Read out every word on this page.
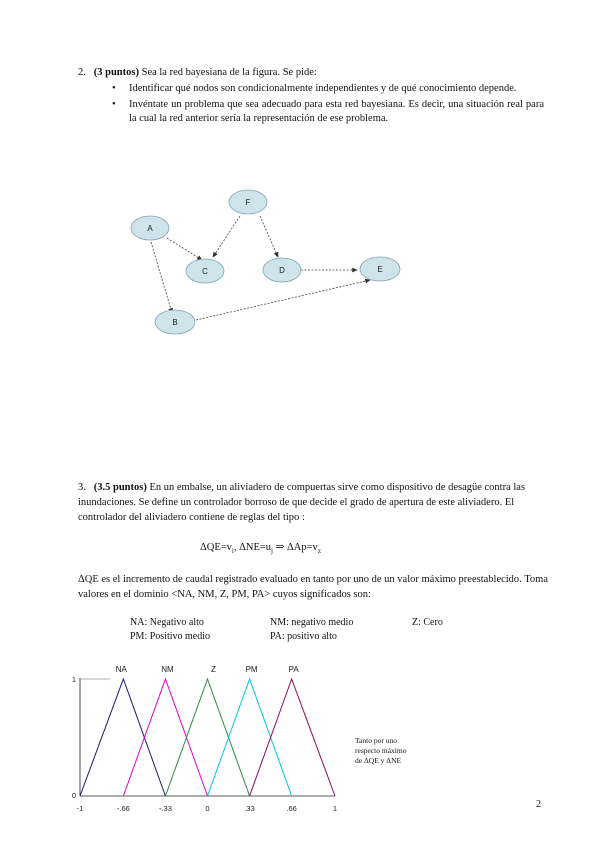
2. (3 puntos) Sea la red bayesiana de la figura. Se pide:
• Identificar qué nodos son condicionalmente independientes y de qué conocimiento depende.
• Invéntate un problema que sea adecuado para esta red bayesiana. Es decir, una situación real para la cual la red anterior sería la representación de ese problema.
A
F
C	D	E
B
3. (3.5 puntos) En un embalse, un aliviadero de compuertas sirve como dispositivo de desagüe contra las inundaciones. Se define un controlador borroso de que decide el grado de apertura de este aliviadero. El controlador del aliviadero contiene de reglas del tipo :
$\Delta QE=v_i$, $\Delta NE=u_j$ ⇒ $\Delta Ap=v_z$
ΔQE es el incremento de caudal registrado evaluado en tanto por uno de un valor máximo preestablecido. Toma valores en el dominio <NA, NM, Z, PM, PA> cuyos significados son:
NA: Negativo alto	NM: negativo medio	Z: Cero
PM: Positivo medio	PA: positivo alto
NA	NM	Z	PM	PA
-1	-.66	-.33	0	.33	.66	1
1
0
Tanto por uno
respecto máximo
de ΔQE y ΔNE
2
